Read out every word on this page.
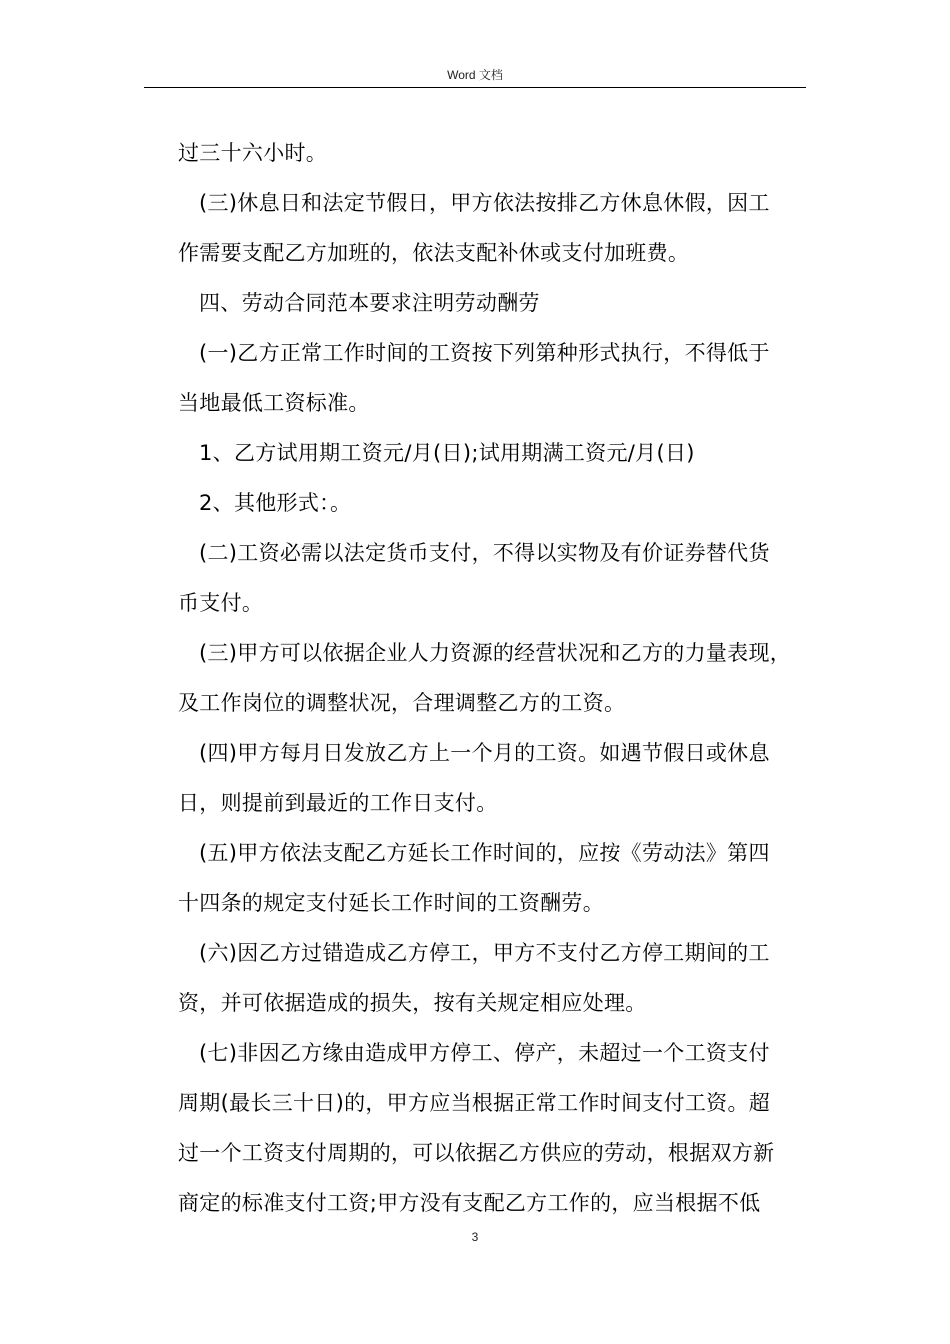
Word 文档
过三十六小时。
(三)休息日和法定节假日，甲方依法按排乙方休息休假，因工
作需要支配乙方加班的，依法支配补休或支付加班费。
四、劳动合同范本要求注明劳动酬劳
(一)乙方正常工作时间的工资按下列第种形式执行，不得低于
当地最低工资标准。
1、乙方试用期工资元/月(日);试用期满工资元/月(日)
2、其他形式：。
(二)工资必需以法定货币支付，不得以实物及有价证券替代货
币支付。
(三)甲方可以依据企业人力资源的经营状况和乙方的力量表现，
及工作岗位的调整状况，合理调整乙方的工资。
(四)甲方每月日发放乙方上一个月的工资。如遇节假日或休息
日，则提前到最近的工作日支付。
(五)甲方依法支配乙方延长工作时间的，应按《劳动法》第四
十四条的规定支付延长工作时间的工资酬劳。
(六)因乙方过错造成乙方停工，甲方不支付乙方停工期间的工
资，并可依据造成的损失，按有关规定相应处理。
(七)非因乙方缘由造成甲方停工、停产，未超过一个工资支付
周期(最长三十日)的，甲方应当根据正常工作时间支付工资。超
过一个工资支付周期的，可以依据乙方供应的劳动，根据双方新
商定的标准支付工资;甲方没有支配乙方工作的，应当根据不低
3
